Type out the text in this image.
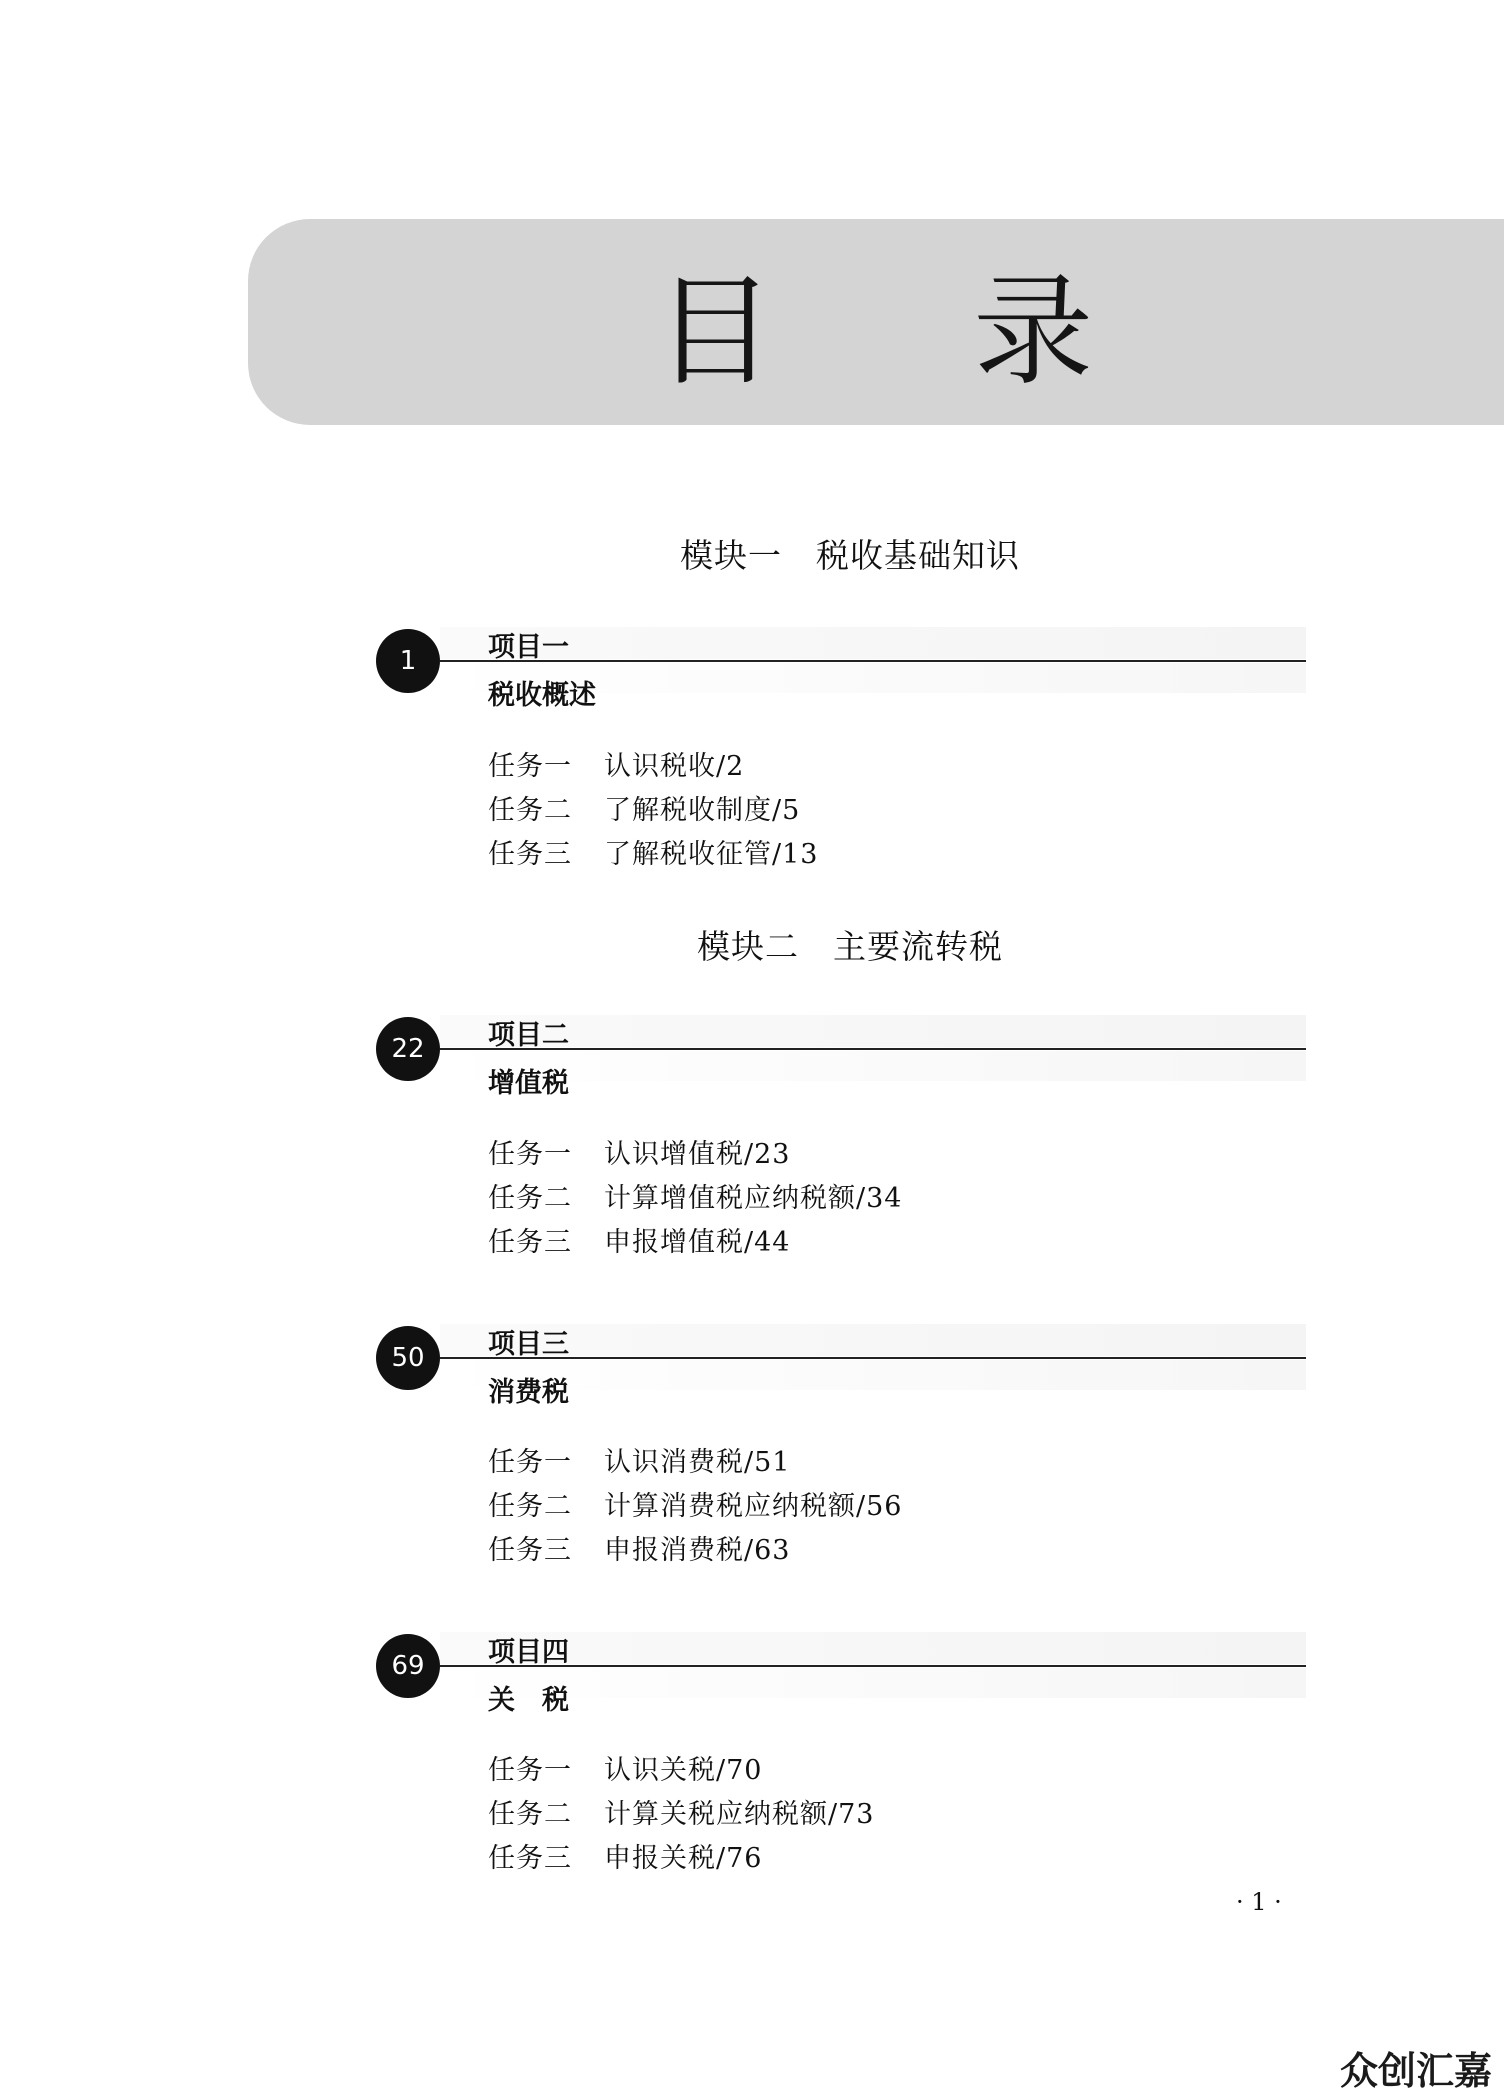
目 录
模块一　税收基础知识
1	项目一
税收概述
任务一 认识税收/2
任务二 了解税收制度/5
任务三 了解税收征管/13
模块二　主要流转税
22	项目二
增值税
任务一 认识增值税/23
任务二 计算增值税应纳税额/34
任务三 申报增值税/44
50	项目三
消费税
任务一 认识消费税/51
任务二 计算消费税应纳税额/56
任务三 申报消费税/63
69	项目四
关　税
任务一 认识关税/70
任务二 计算关税应纳税额/73
任务三 申报关税/76
· 1 ·
众创汇嘉
